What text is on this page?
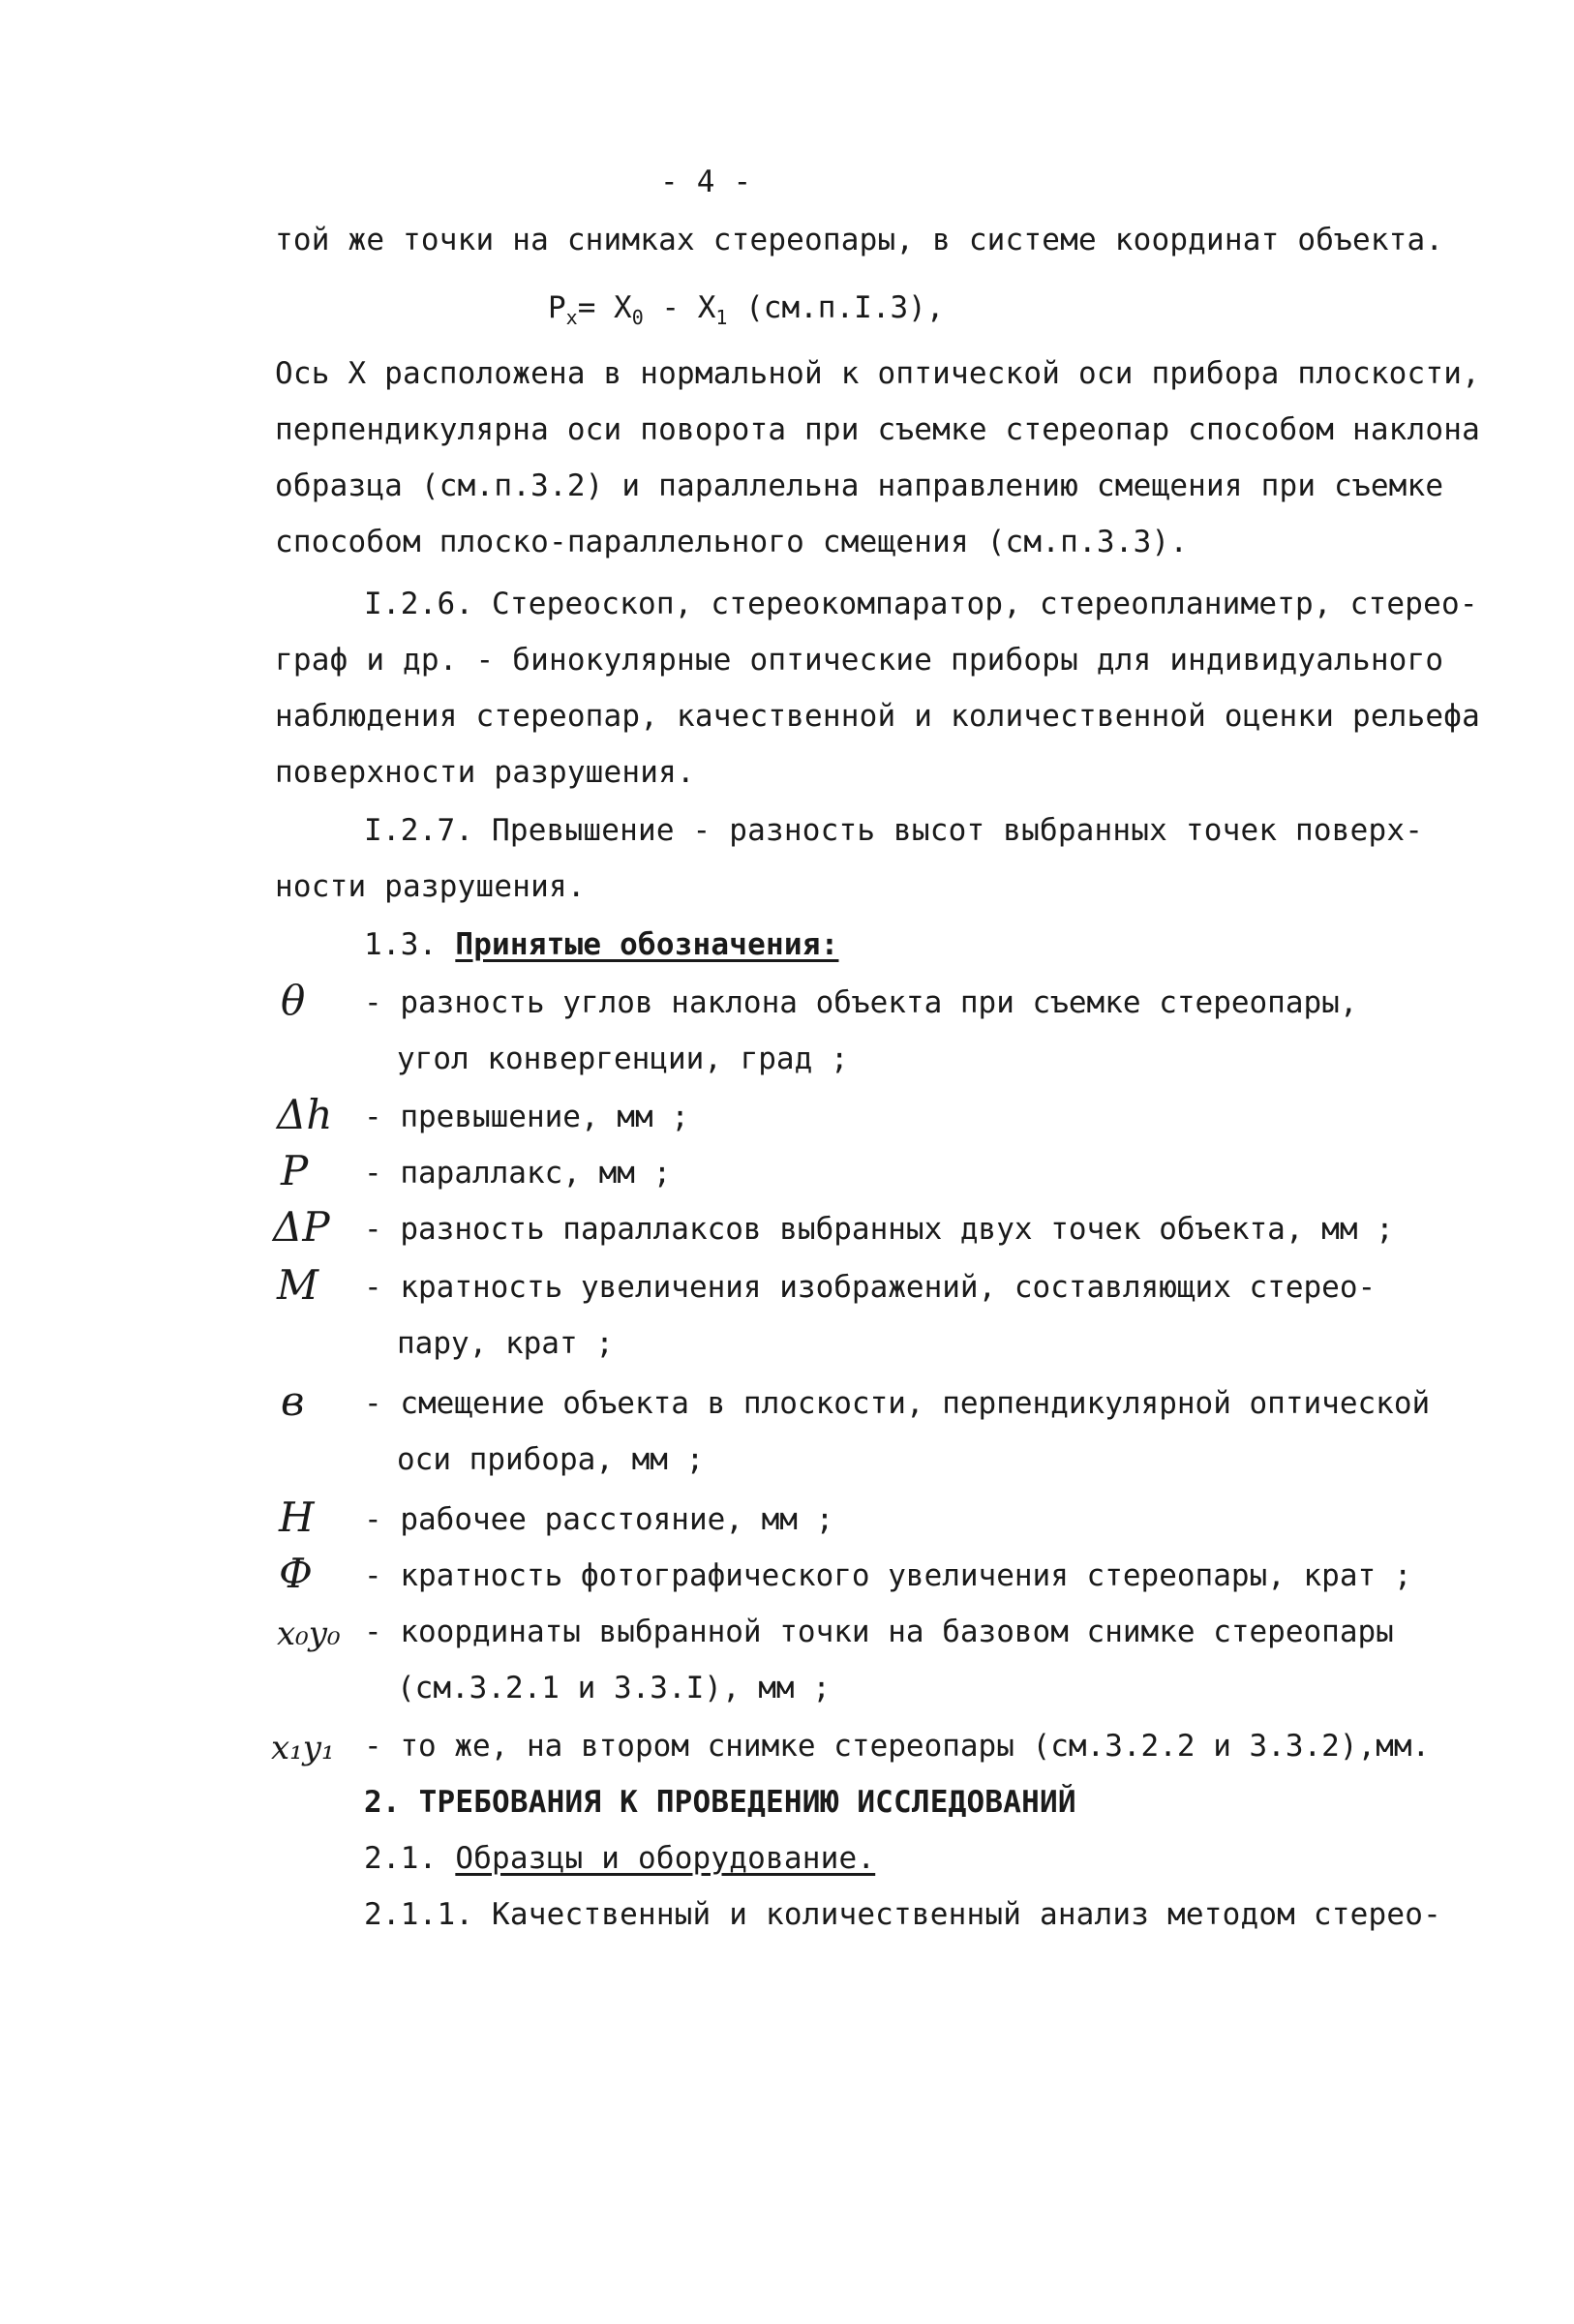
- 4 -
той же точки на снимках стереопары, в системе координат объекта.
$P_x= X_0 - X_1$ (см.п.I.3),
Ось X расположена в нормальной к оптической оси прибора плоскости,
перпендикулярна оси поворота при съемке стереопар способом наклона
образца (см.п.3.2) и параллельна направлению смещения при съемке
способом плоско-параллельного смещения (см.п.3.3).
I.2.6. Стереоскоп, стереокомпаратор, стереопланиметр, стерео-
граф и др. - бинокулярные оптические приборы для индивидуального
наблюдения стереопар, качественной и количественной оценки рельефа
поверхности разрушения.
I.2.7. Превышение - разность высот выбранных точек поверх-
ности разрушения.
1.3. Принятые обозначения:
θ - разность углов наклона объекта при съемке стереопары,
угол конвергенции, град ;
Δh - превышение, мм ;
P - параллакс, мм ;
ΔP - разность параллаксов выбранных двух точек объекта, мм ;
M - кратность увеличения изображений, составляющих стерео-
пару, крат ;
в - смещение объекта в плоскости, перпендикулярной оптической
оси прибора, мм ;
H - рабочее расстояние, мм ;
Ф - кратность фотографического увеличения стереопары, крат ;
x₀y₀ - координаты выбранной точки на базовом снимке стереопары
(см.3.2.1 и 3.3.I), мм ;
x₁y₁ - то же, на втором снимке стереопары (см.3.2.2 и 3.3.2),мм.
2. ТРЕБОВАНИЯ К ПРОВЕДЕНИЮ ИССЛЕДОВАНИЙ
2.1. Образцы и оборудование.
2.1.1. Качественный и количественный анализ методом стерео-
